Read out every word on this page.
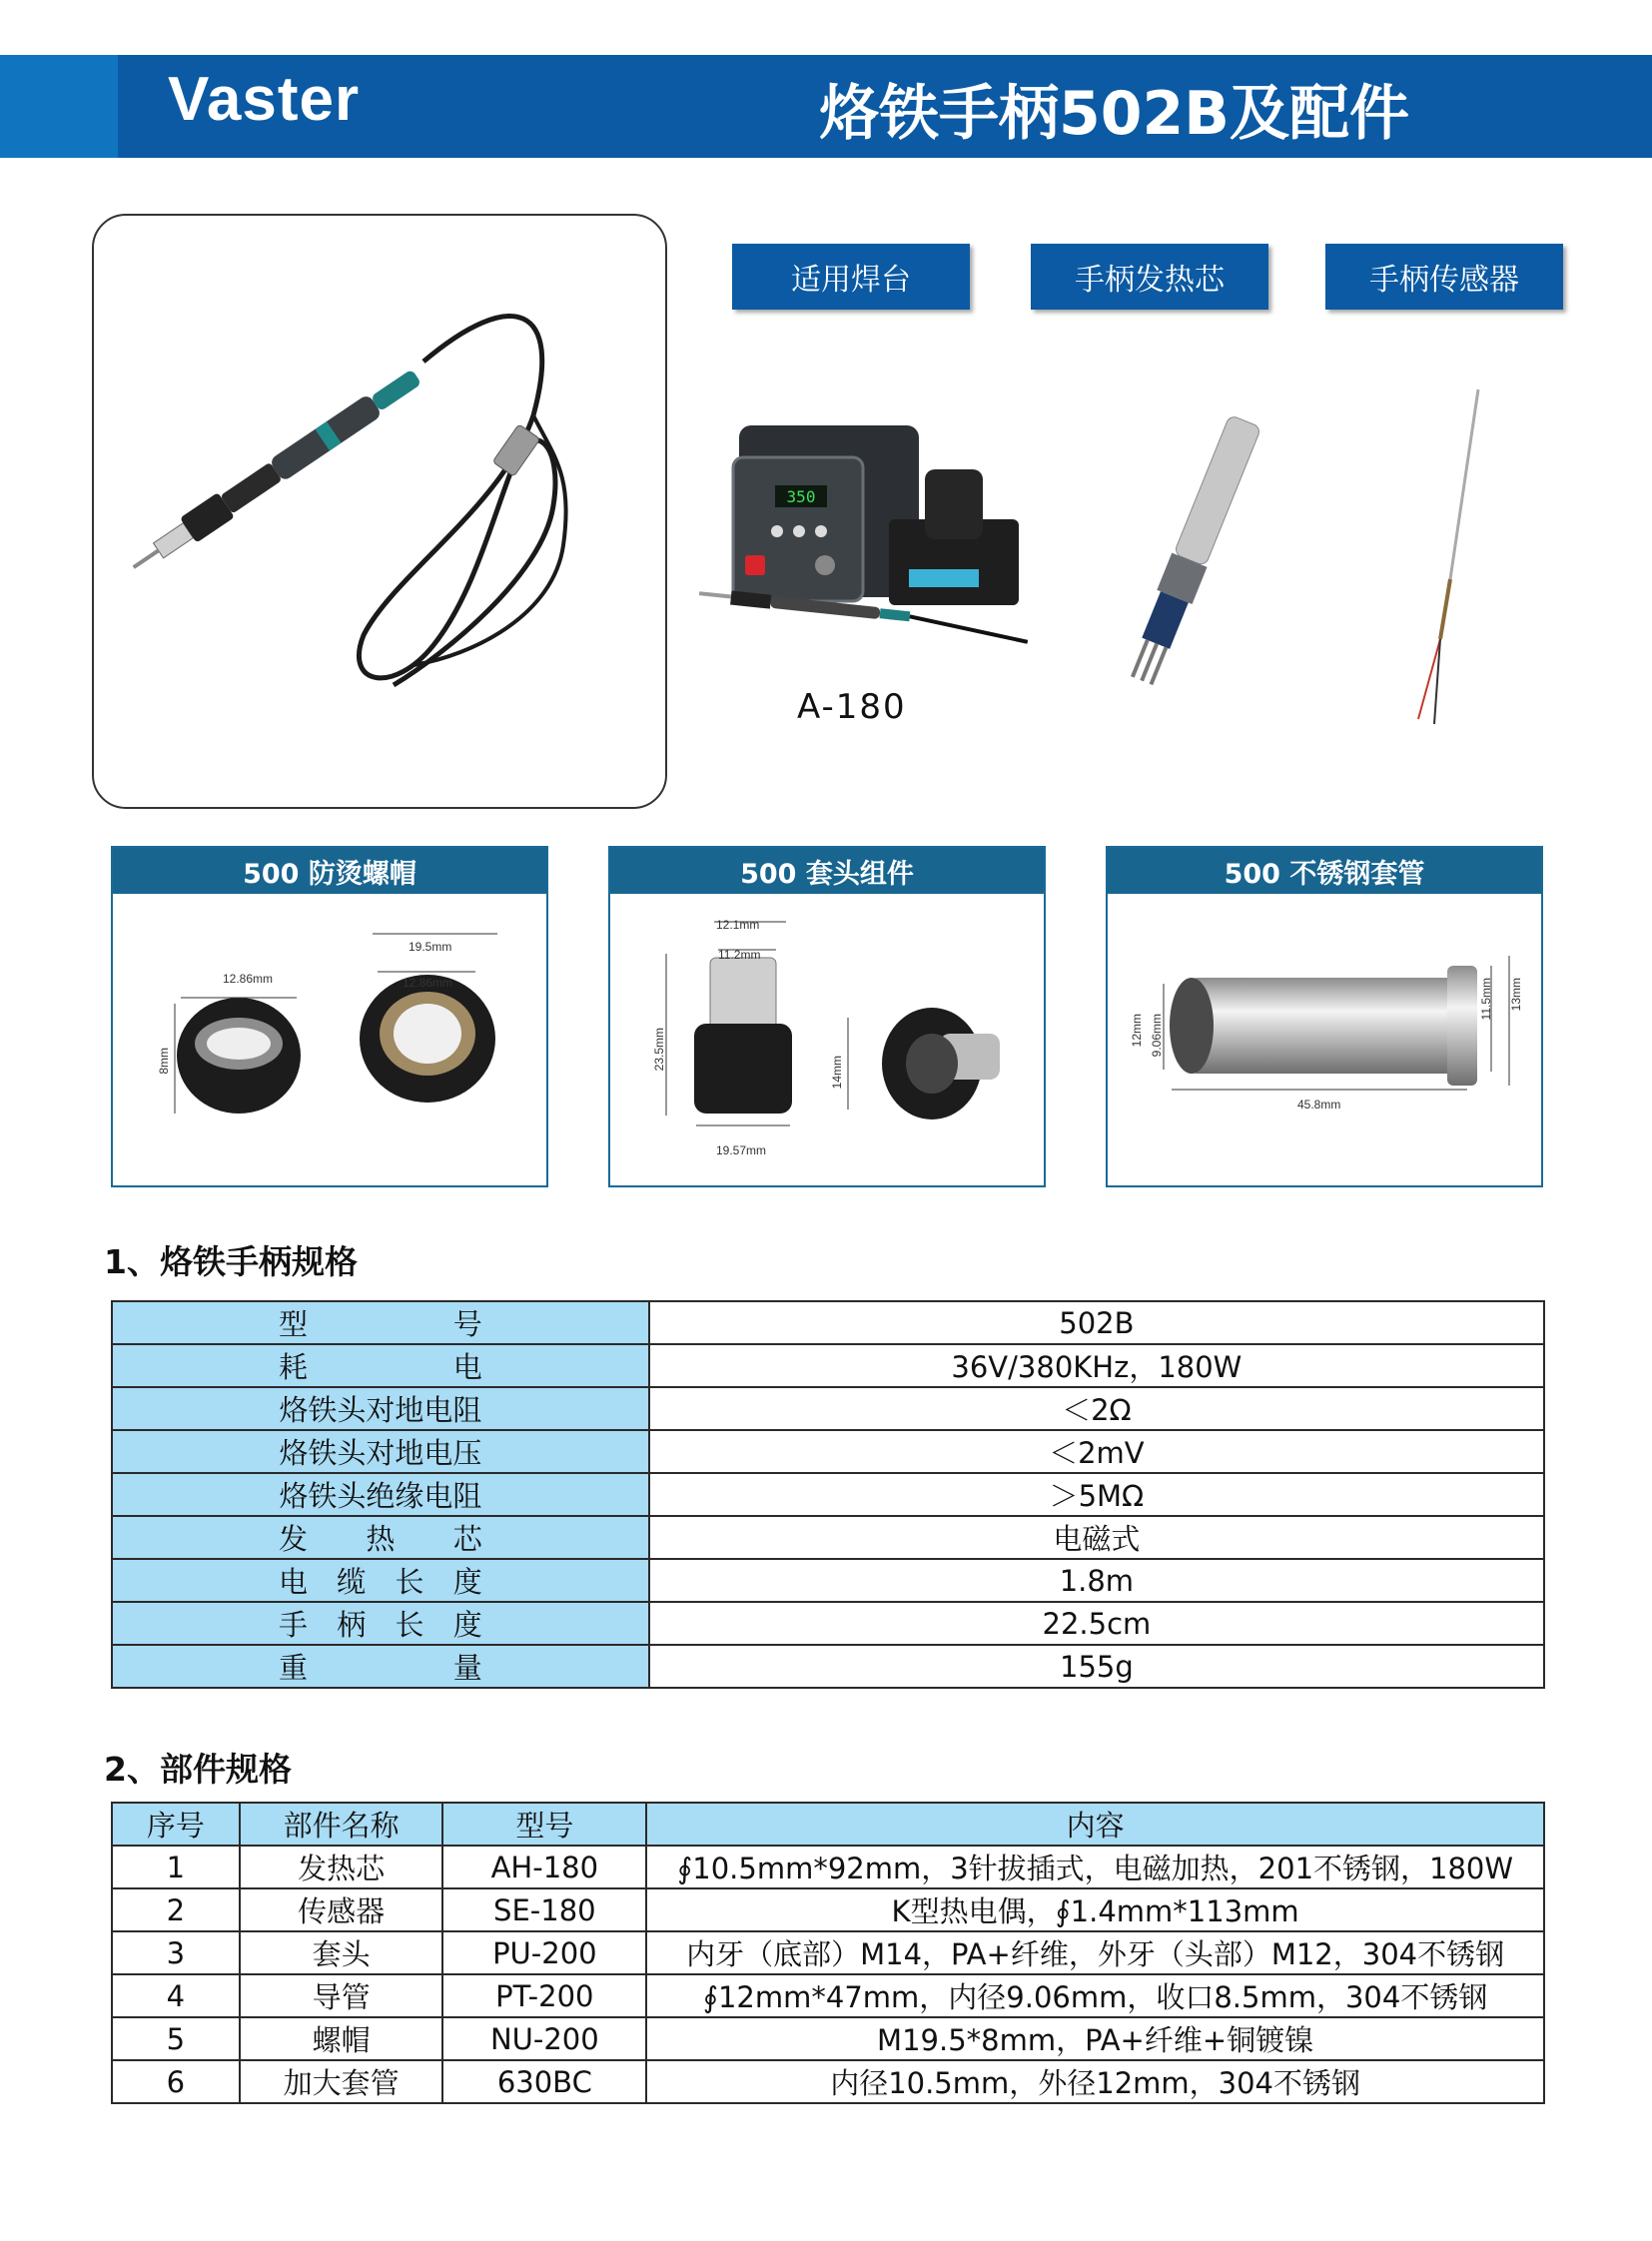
Vaster	烙铁手柄502B及配件
适用焊台	手柄发热芯	手柄传感器
350
A-180
500 防烫螺帽
12.86mm
19.5mm
12.86mm
8mm
500 套头组件
12.1mm
11.2mm
23.5mm
19.57mm
14mm
500 不锈钢套管
12mm 9.06mm
45.8mm
11.5mm 13mm
1、烙铁手柄规格
型 号	502B

耗 电	36V/380KHz，180W

烙铁头对地电阻	＜2Ω

烙铁头对地电压	＜2mV

烙铁头绝缘电阻	＞5MΩ

发 热 芯	电磁式

电 缆 长 度	1.8m

手 柄 长 度	22.5cm

重 量	155g
2、部件规格
序号	部件名称	型号	内容
1	发热芯	AH-180	∮10.5mm*92mm，3针拔插式，电磁加热，201不锈钢，180W
2	传感器	SE-180	K型热电偶，∮1.4mm*113mm
3	套头	PU-200	内牙（底部）M14，PA+纤维，外牙（头部）M12，304不锈钢
4	导管	PT-200	∮12mm*47mm，内径9.06mm，收口8.5mm，304不锈钢
5	螺帽	NU-200	M19.5*8mm，PA+纤维+铜镀镍
6	加大套管	630BC	内径10.5mm，外径12mm，304不锈钢
